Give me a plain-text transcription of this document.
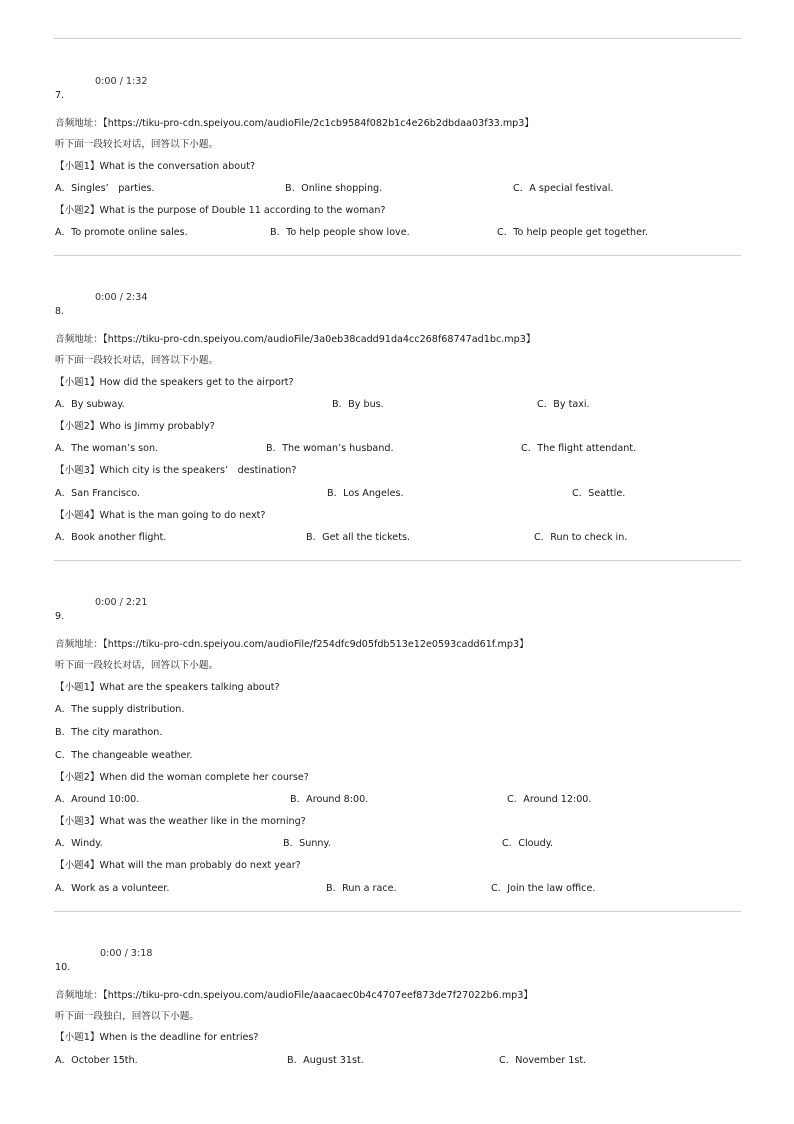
0:00 / 1:32
7.
音频地址：【https://tiku-pro-cdn.speiyou.com/audioFile/2c1cb9584f082b1c4e26b2dbdaa03f33.mp3】
听下面一段较长对话，回答以下小题。
【小题1】What is the conversation about?
A．Singles’　parties.	B．Online shopping.	C．A special festival.
【小题2】What is the purpose of Double 11 according to the woman?
A．To promote online sales.	B．To help people show love.	C．To help people get together.
0:00 / 2:34
8.
音频地址：【https://tiku-pro-cdn.speiyou.com/audioFile/3a0eb38cadd91da4cc268f68747ad1bc.mp3】
听下面一段较长对话，回答以下小题。
【小题1】How did the speakers get to the airport?
A．By subway.	B．By bus.	C．By taxi.
【小题2】Who is Jimmy probably?
A．The woman’s son.	B．The woman’s husband.	C．The flight attendant.
【小题3】Which city is the speakers’　destination?
A．San Francisco.	B．Los Angeles.	C．Seattle.
【小题4】What is the man going to do next?
A．Book another flight.	B．Get all the tickets.	C．Run to check in.
0:00 / 2:21
9.
音频地址：【https://tiku-pro-cdn.speiyou.com/audioFile/f254dfc9d05fdb513e12e0593cadd61f.mp3】
听下面一段较长对话，回答以下小题。
【小题1】What are the speakers talking about?
A．The supply distribution.
B．The city marathon.
C．The changeable weather.
【小题2】When did the woman complete her course?
A．Around 10:00.	B．Around 8:00.	C．Around 12:00.
【小题3】What was the weather like in the morning?
A．Windy.	B．Sunny.	C．Cloudy.
【小题4】What will the man probably do next year?
A．Work as a volunteer.	B．Run a race.	C．Join the law office.
0:00 / 3:18
10.
音频地址：【https://tiku-pro-cdn.speiyou.com/audioFile/aaacaec0b4c4707eef873de7f27022b6.mp3】
听下面一段独白，回答以下小题。
【小题1】When is the deadline for entries?
A．October 15th.	B．August 31st.	C．November 1st.
